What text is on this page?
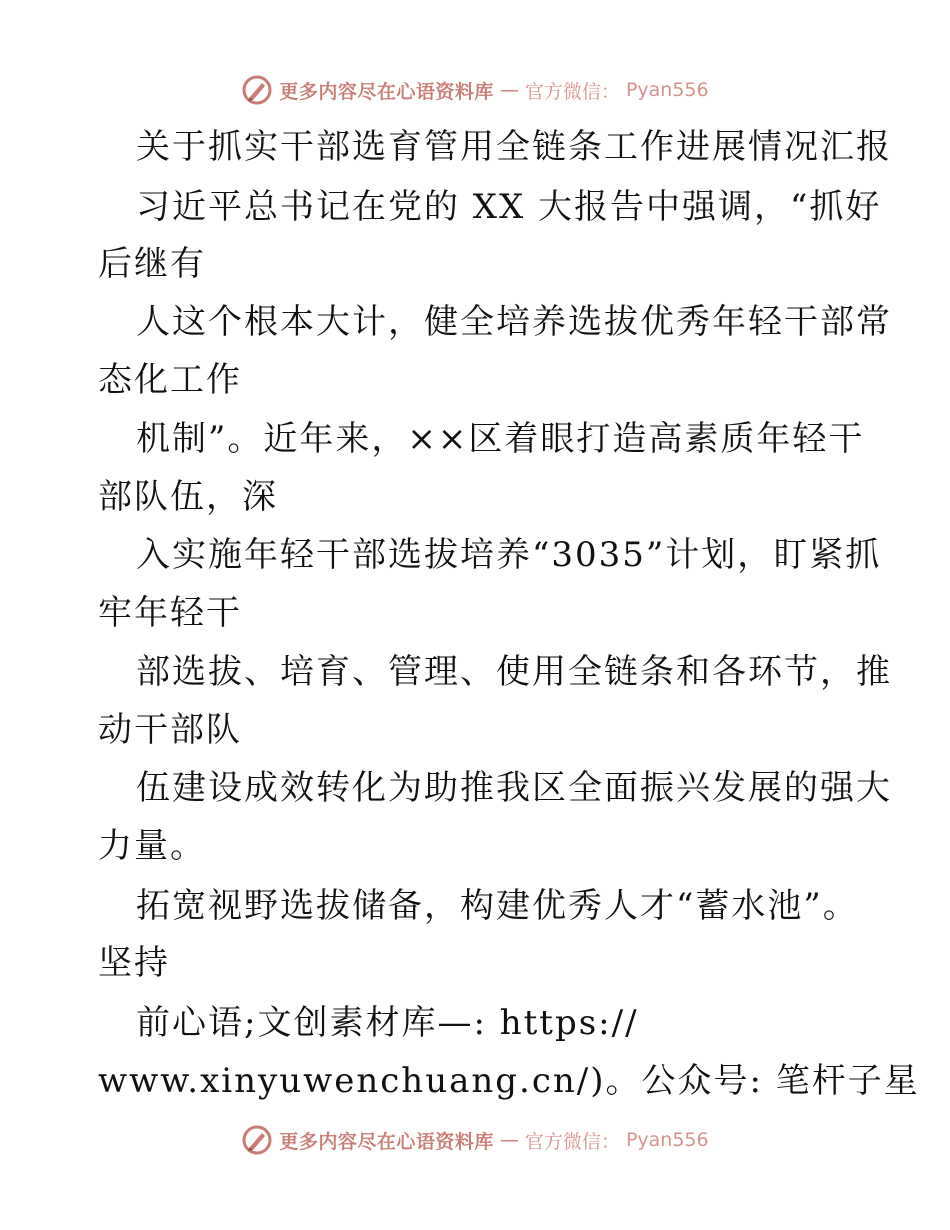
更多内容尽在心语资料库 — 官方微信： Pyan556
关于抓实干部选育管用全链条工作进展情况汇报
习近平总书记在党的 XX 大报告中强调，“抓好
后继有
人这个根本大计，健全培养选拔优秀年轻干部常
态化工作
机制”。近年来，××区着眼打造高素质年轻干
部队伍，深
入实施年轻干部选拔培养“3035”计划，盯紧抓
牢年轻干
部选拔、培育、管理、使用全链条和各环节，推
动干部队
伍建设成效转化为助推我区全面振兴发展的强大
力量。
拓宽视野选拔储备，构建优秀人才“蓄水池”。
坚持
前心语;文创素材库—: https://
www.xinyuwenchuang.cn/)。公众号: 笔杆子星
更多内容尽在心语资料库 — 官方微信： Pyan556
